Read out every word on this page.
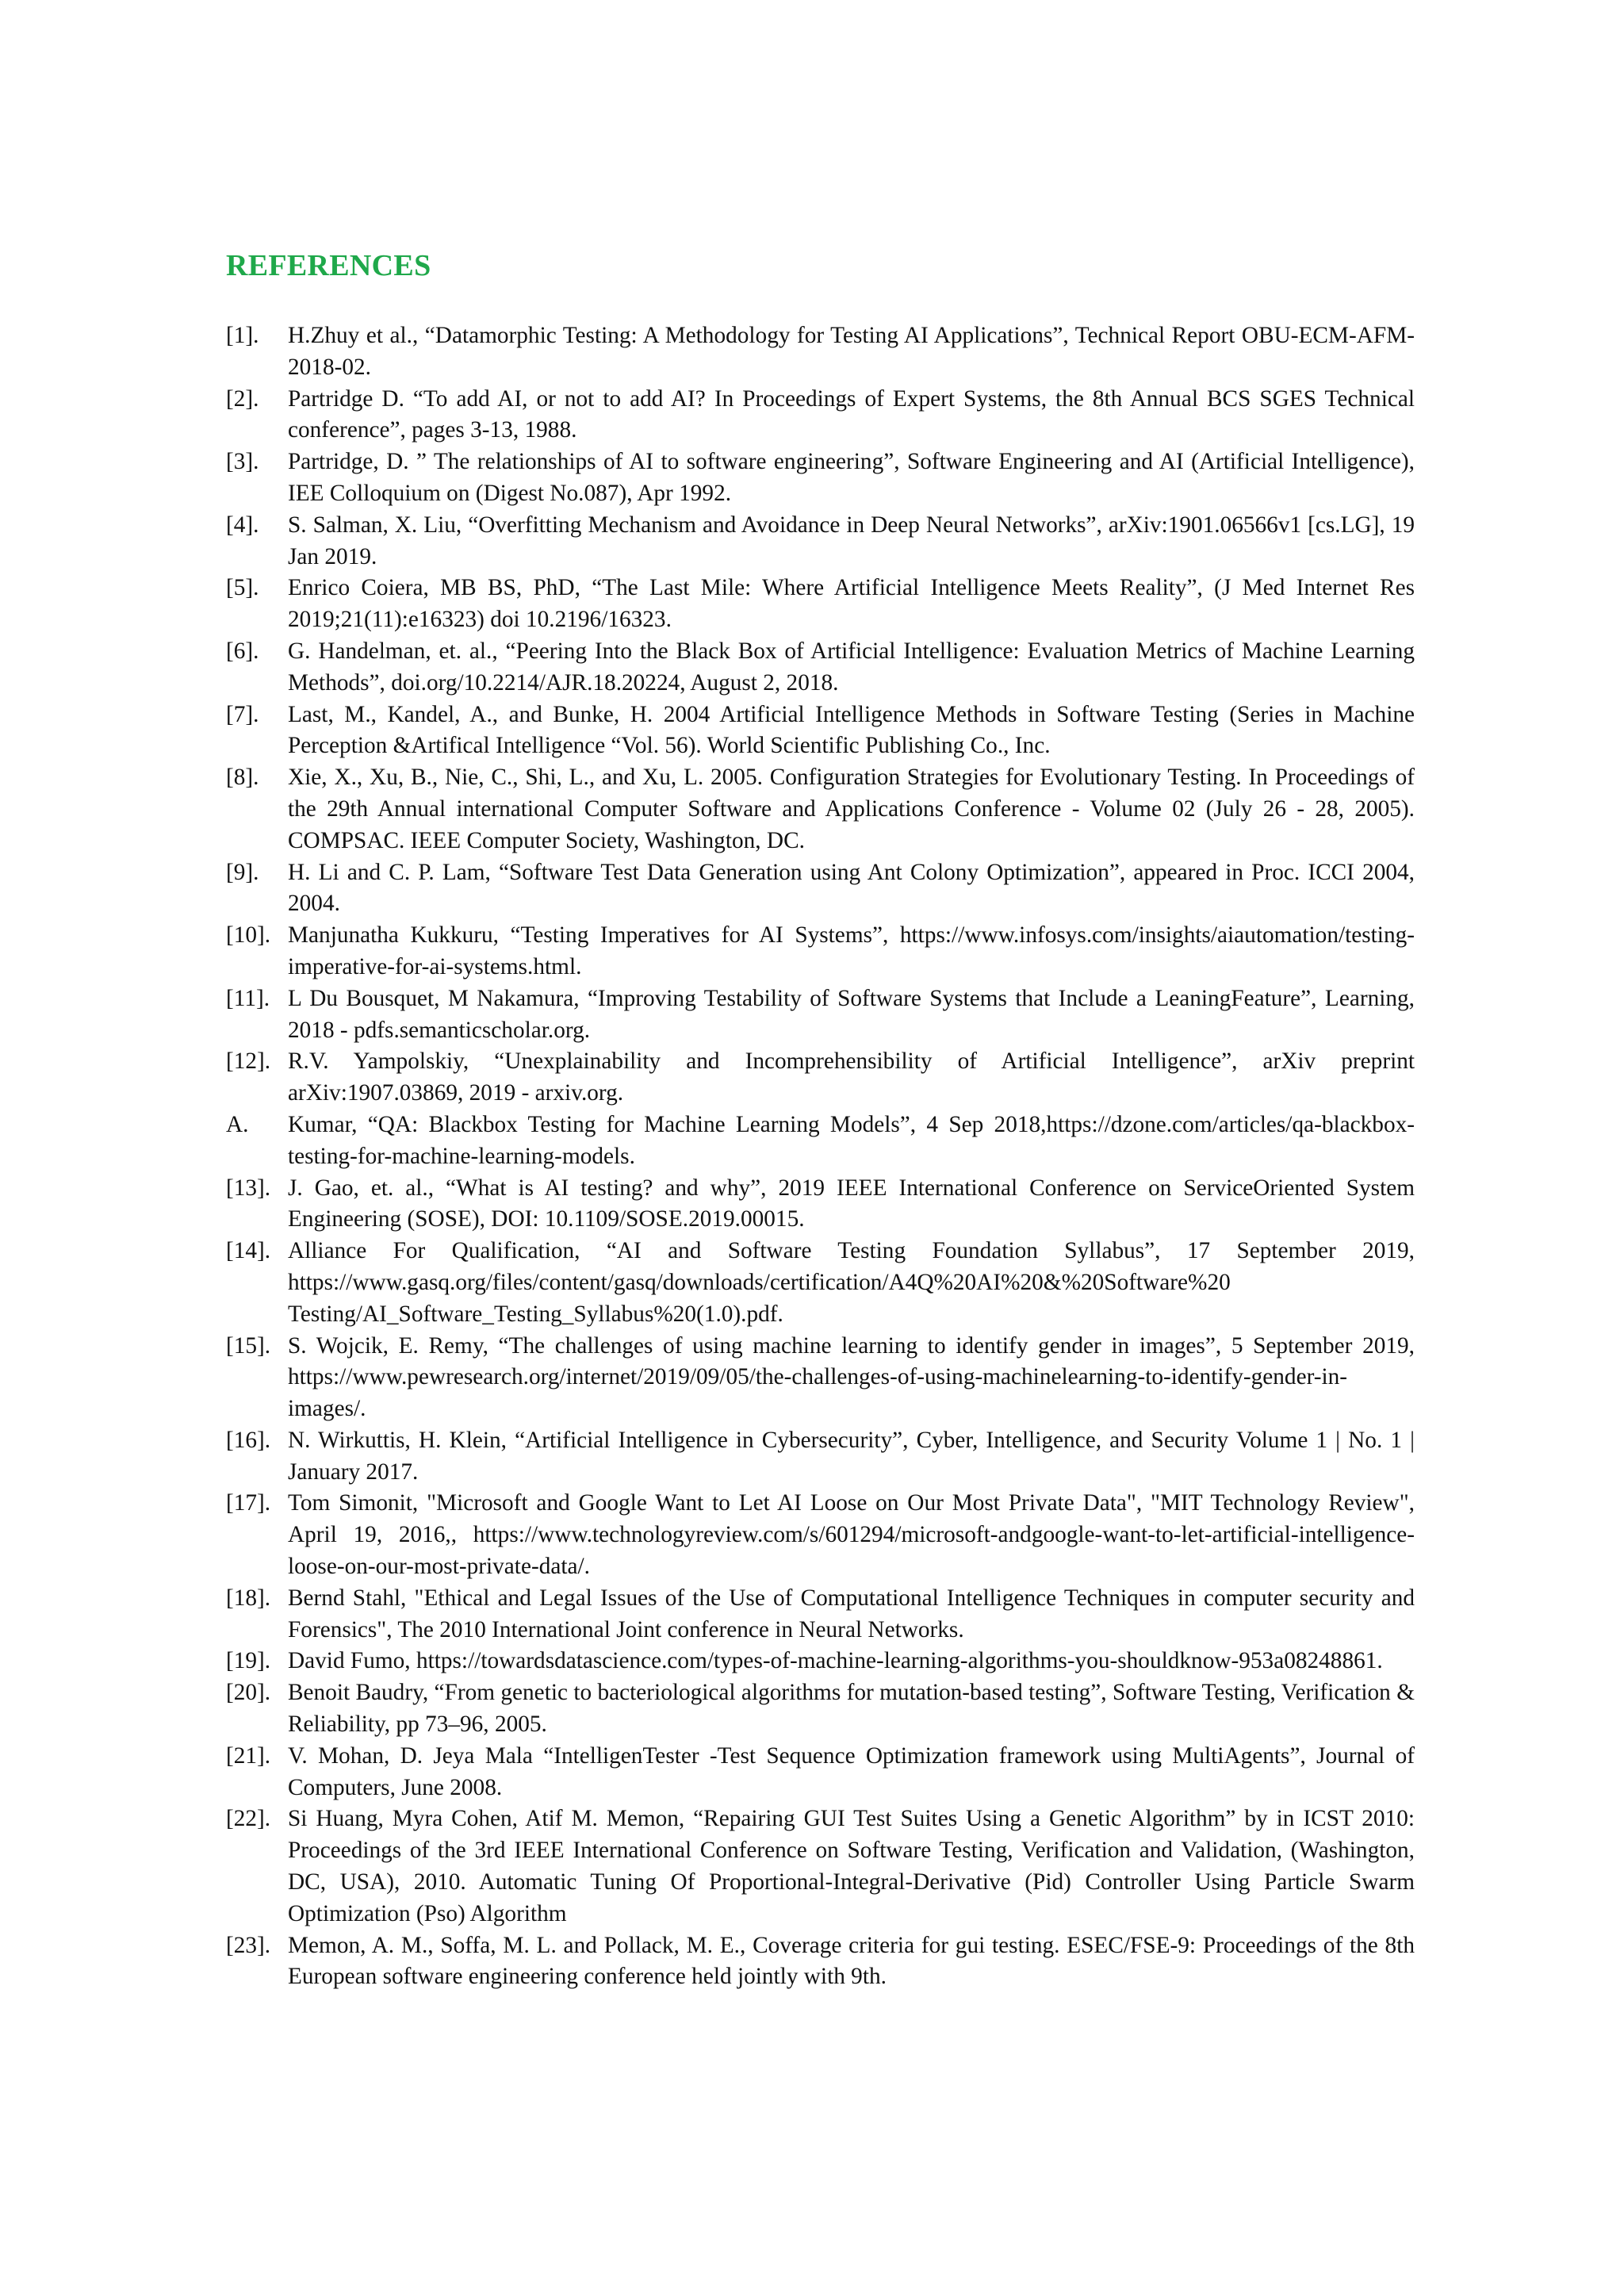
REFERENCES
[1].	H.Zhuy et al., “Datamorphic Testing: A Methodology for Testing AI Applications”, Technical Report OBU-ECM-AFM-2018-02.
[2].	Partridge D. “To add AI, or not to add AI? In Proceedings of Expert Systems, the 8th Annual BCS SGES Technical conference”, pages 3-13, 1988.
[3].	Partridge, D. ” The relationships of AI to software engineering”, Software Engineering and AI (Artificial Intelligence), IEE Colloquium on (Digest No.087), Apr 1992.
[4].	S. Salman, X. Liu, “Overfitting Mechanism and Avoidance in Deep Neural Networks”, arXiv:1901.06566v1 [cs.LG], 19 Jan 2019.
[5].	Enrico Coiera, MB BS, PhD, “The Last Mile: Where Artificial Intelligence Meets Reality”, (J Med Internet Res 2019;21(11):e16323) doi 10.2196/16323.
[6].	G. Handelman, et. al., “Peering Into the Black Box of Artificial Intelligence: Evaluation Metrics of Machine Learning Methods”, doi.org/10.2214/AJR.18.20224, August 2, 2018.
[7].	Last, M., Kandel, A., and Bunke, H. 2004 Artificial Intelligence Methods in Software Testing (Series in Machine Perception &Artifical Intelligence “Vol. 56). World Scientific Publishing Co., Inc.
[8].	Xie, X., Xu, B., Nie, C., Shi, L., and Xu, L. 2005. Configuration Strategies for Evolutionary Testing. In Proceedings of the 29th Annual international Computer Software and Applications Conference - Volume 02 (July 26 - 28, 2005). COMPSAC. IEEE Computer Society, Washington, DC.
[9].	H. Li and C. P. Lam, “Software Test Data Generation using Ant Colony Optimization”, appeared in Proc. ICCI 2004, 2004.
[10]. Manjunatha Kukkuru, “Testing Imperatives for AI Systems”, https://www.infosys.com/insights/aiautomation/testing-imperative-for-ai-systems.html.
[11]. L Du Bousquet, M Nakamura, “Improving Testability of Software Systems that Include a LeaningFeature”, Learning, 2018 - pdfs.semanticscholar.org.
[12]. R.V. Yampolskiy, “Unexplainability and Incomprehensibility of Artificial Intelligence”, arXiv preprint arXiv:1907.03869, 2019 - arxiv.org.
A.	Kumar, “QA: Blackbox Testing for Machine Learning Models”, 4 Sep 2018,https://dzone.com/articles/qa-blackbox-testing-for-machine-learning-models.
[13]. J. Gao, et. al., “What is AI testing? and why”, 2019 IEEE International Conference on ServiceOriented System Engineering (SOSE), DOI: 10.1109/SOSE.2019.00015.
[14]. Alliance For Qualification, “AI and Software Testing Foundation Syllabus”, 17 September 2019, https://www.gasq.org/files/content/gasq/downloads/certification/A4Q%20AI%20&%20Software%20 Testing/AI_Software_Testing_Syllabus%20(1.0).pdf.
[15]. S. Wojcik, E. Remy, “The challenges of using machine learning to identify gender in images”, 5 September 2019, https://www.pewresearch.org/internet/2019/09/05/the-challenges-of-using-machinelearning-to-identify-gender-in-images/.
[16]. N. Wirkuttis, H. Klein, “Artificial Intelligence in Cybersecurity”, Cyber, Intelligence, and Security Volume 1 | No. 1 | January 2017.
[17]. Tom Simonit, "Microsoft and Google Want to Let AI Loose on Our Most Private Data", "MIT Technology Review", April 19, 2016,, https://www.technologyreview.com/s/601294/microsoft-andgoogle-want-to-let-artificial-intelligence-loose-on-our-most-private-data/.
[18]. Bernd Stahl, "Ethical and Legal Issues of the Use of Computational Intelligence Techniques in computer security and Forensics", The 2010 International Joint conference in Neural Networks.
[19]. David Fumo, https://towardsdatascience.com/types-of-machine-learning-algorithms-you-shouldknow-953a08248861.
[20]. Benoit Baudry, “From genetic to bacteriological algorithms for mutation-based testing”, Software Testing, Verification & Reliability, pp 73–96, 2005.
[21]. V. Mohan, D. Jeya Mala “IntelligenTester -Test Sequence Optimization framework using MultiAgents”, Journal of Computers, June 2008.
[22]. Si Huang, Myra Cohen, Atif M. Memon, “Repairing GUI Test Suites Using a Genetic Algorithm” by in ICST 2010: Proceedings of the 3rd IEEE International Conference on Software Testing, Verification and Validation, (Washington, DC, USA), 2010. Automatic Tuning Of Proportional-Integral-Derivative (Pid) Controller Using Particle Swarm Optimization (Pso) Algorithm
[23]. Memon, A. M., Soffa, M. L. and Pollack, M. E., Coverage criteria for gui testing. ESEC/FSE-9: Proceedings of the 8th European software engineering conference held jointly with 9th.
